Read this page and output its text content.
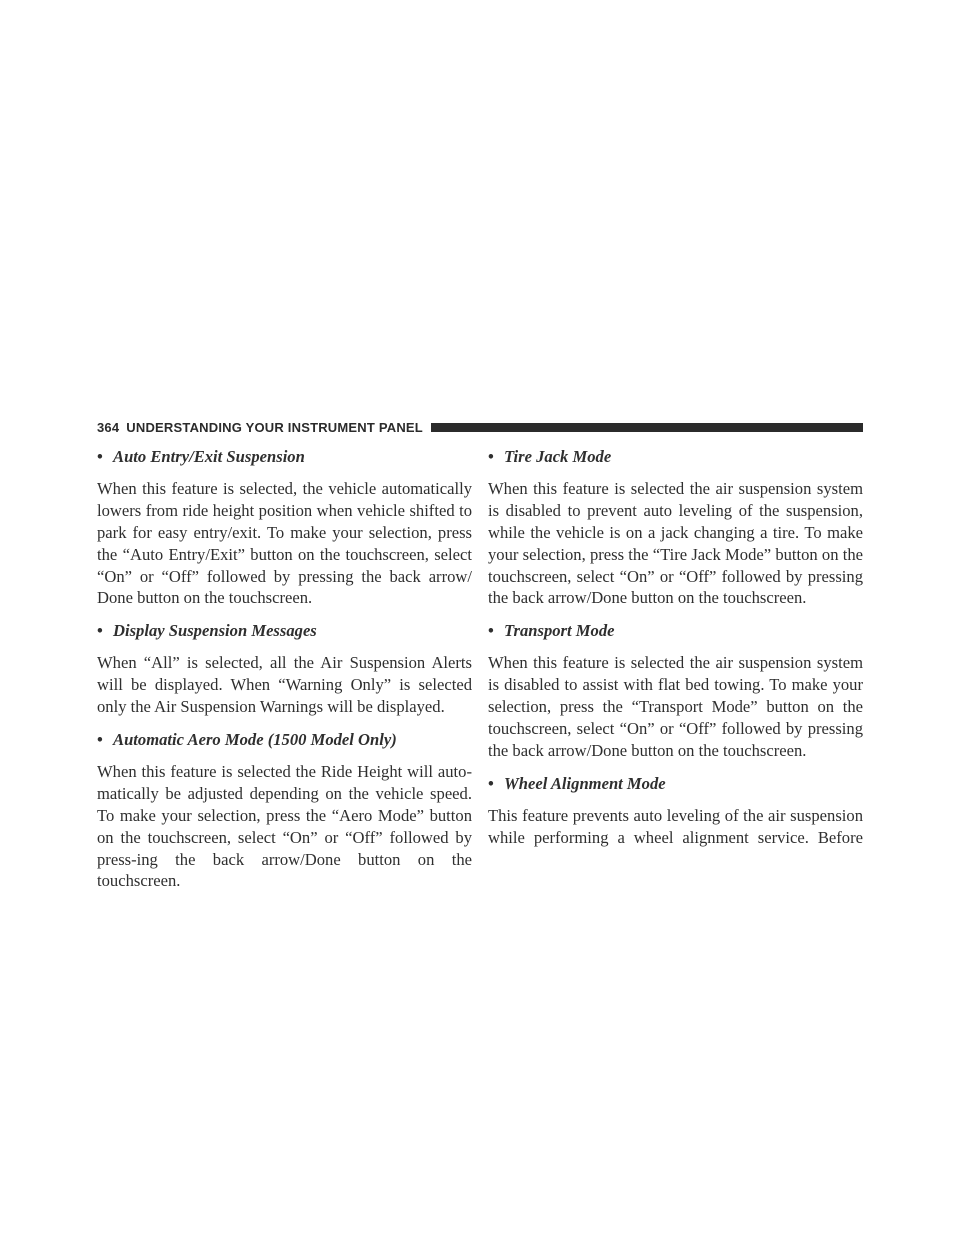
364 UNDERSTANDING YOUR INSTRUMENT PANEL
• Auto Entry/Exit Suspension

When this feature is selected, the vehicle automatically lowers from ride height position when vehicle shifted to park for easy entry/exit. To make your selection, press the “Auto Entry/Exit” button on the touchscreen, select “On” or “Off” followed by pressing the back arrow/ Done button on the touchscreen.

• Display Suspension Messages

When “All” is selected, all the Air Suspension Alerts will be displayed. When “Warning Only” is selected only the Air Suspension Warnings will be displayed.

• Automatic Aero Mode (1500 Model Only)

When this feature is selected the Ride Height will auto-matically be adjusted depending on the vehicle speed. To make your selection, press the “Aero Mode” button on the touchscreen, select “On” or “Off” followed by press-ing the back arrow/Done button on the touchscreen.

• Tire Jack Mode

When this feature is selected the air suspension system is disabled to prevent auto leveling of the suspension, while the vehicle is on a jack changing a tire. To make your selection, press the “Tire Jack Mode” button on the touchscreen, select “On” or “Off” followed by pressing the back arrow/Done button on the touchscreen.

• Transport Mode

When this feature is selected the air suspension system is disabled to assist with flat bed towing. To make your selection, press the “Transport Mode” button on the touchscreen, select “On” or “Off” followed by pressing the back arrow/Done button on the touchscreen.

• Wheel Alignment Mode

This feature prevents auto leveling of the air suspension while performing a wheel alignment service. Before
